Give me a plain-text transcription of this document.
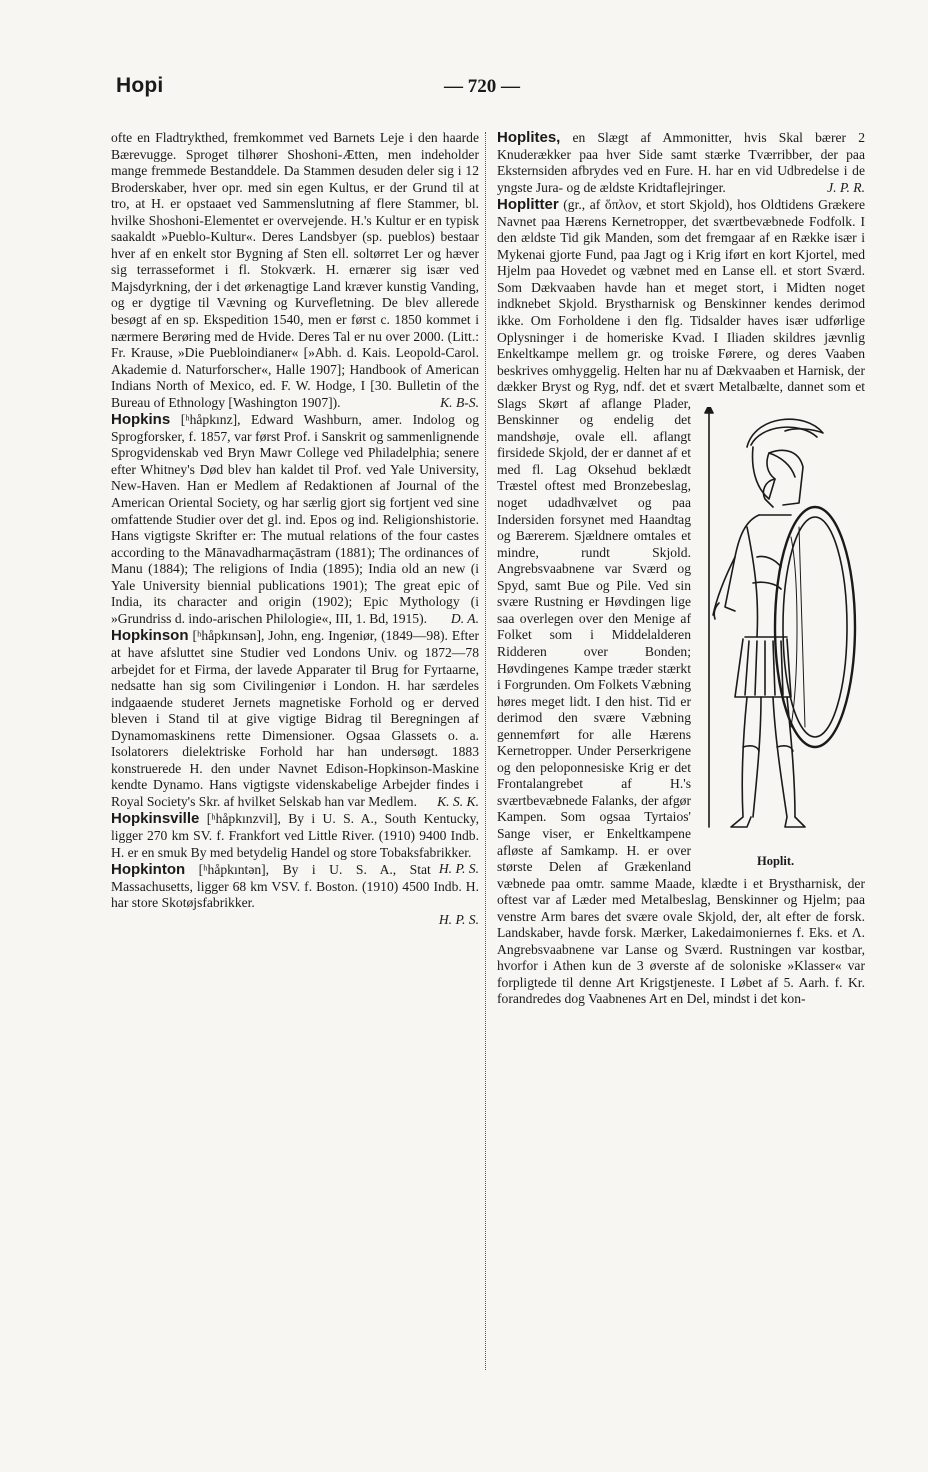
Hopi	— 720 —

ofte en Fladtrykthed, fremkommet ved Barnets Leje i den haarde Bærevugge. Sproget tilhører Shoshoni-Ætten, men indeholder mange fremmede Bestanddele. Da Stammen desuden deler sig i 12 Broderskaber, hver opr. med sin egen Kultus, er der Grund til at tro, at H. er opstaaet ved Sammenslutning af flere Stammer, bl. hvilke Shoshoni-Elementet er overvejende. H.'s Kultur er en typisk saakaldt »Pueblo-Kultur«. Deres Landsbyer (sp. pueblos) bestaar hver af en enkelt stor Bygning af Sten ell. soltørret Ler og hæver sig terrasseformet i fl. Stokværk. H. ernærer sig især ved Majsdyrkning, der i det ørkenagtige Land kræver kunstig Vanding, og er dygtige til Vævning og Kurvefletning. De blev allerede besøgt af en sp. Ekspedition 1540, men er først c. 1850 kommet i nærmere Berøring med de Hvide. Deres Tal er nu over 2000. (Litt.: Fr. Krause, »Die Puebloindianer« [»Abh. d. Kais. Leopold-Carol. Akademie d. Naturforscher«, Halle 1907]; Handbook of American Indians North of Mexico, ed. F. W. Hodge, I [30. Bulletin of the Bureau of Ethnology [Washington 1907]).	K. B-S.

Hopkins [ʰhåpkınz], Edward Washburn, amer. Indolog og Sprogforsker, f. 1857, var først Prof. i Sanskrit og sammenlignende Sprogvidenskab ved Bryn Mawr College ved Philadelphia; senere efter Whitney's Død blev han kaldet til Prof. ved Yale University, New-Haven. Han er Medlem af Redaktionen af Journal of the American Oriental Society, og har særlig gjort sig fortjent ved sine omfattende Studier over det gl. ind. Epos og ind. Religionshistorie. Hans vigtigste Skrifter er: The mutual relations of the four castes according to the Mānavadharmaçāstram (1881); The ordinances of Manu (1884); The religions of India (1895); India old an new (i Yale University biennial publications 1901); The great epic of India, its character and origin (1902); Epic Mythology (i »Grundriss d. indo-arischen Philologie«, III, 1. Bd, 1915).	D. A.

Hopkinson [ʰhåpkınsən], John, eng. Ingeniør, (1849—98). Efter at have afsluttet sine Studier ved Londons Univ. og 1872—78 arbejdet for et Firma, der lavede Apparater til Brug for Fyrtaarne, nedsatte han sig som Civilingeniør i London. H. har særdeles indgaaende studeret Jernets magnetiske Forhold og er derved bleven i Stand til at give vigtige Bidrag til Beregningen af Dynamomaskinens rette Dimensioner. Ogsaa Glassets o. a. Isolatorers dielektriske Forhold har han undersøgt. 1883 konstruerede H. den under Navnet Edison-Hopkinson-Maskine kendte Dynamo. Hans vigtigste videnskabelige Arbejder findes i Royal Society's Skr. af hvilket Selskab han var Medlem.	K. S. K.

Hopkinsville [ʰhåpkınzvil], By i U. S. A., South Kentucky, ligger 270 km SV. f. Frankfort ved Little River. (1910) 9400 Indb. H. er en smuk By med betydelig Handel og store Tobaksfabrikker.
H. P. S.

Hopkinton [ʰhåpkıntən], By i U. S. A., Stat Massachusetts, ligger 68 km VSV. f. Boston. (1910) 4500 Indb. H. har store Skotøjsfabrikker.
H. P. S.

Hoplites, en Slægt af Ammonitter, hvis Skal bærer 2 Knuderækker paa hver Side samt stærke Tværribber, der paa Eksternsiden afbrydes ved en Fure. H. har en vid Udbredelse i de yngste Jura- og de ældste Kridtaflejringer.	J. P. R.

Hoplit.
Hoplitter (gr., af ὅπλον, et stort Skjold), hos Oldtidens Grækere Navnet paa Hærens Kernetropper, det sværtbevæbnede Fodfolk. I den ældste Tid gik Manden, som det fremgaar af en Række især i Mykenai gjorte Fund, paa Jagt og i Krig iført en kort Kjortel, med Hjelm paa Hovedet og væbnet med en Lanse ell. et stort Sværd. Som Dækvaaben havde han et meget stort, i Midten noget indknebet Skjold. Brystharnisk og Benskinner kendes derimod ikke. Om Forholdene i den flg. Tidsalder haves især udførlige Oplysninger i de homeriske Kvad. I Iliaden skildres jævnlig Enkeltkampe mellem gr. og troiske Førere, og deres Vaaben beskrives omhyggelig. Helten har nu af Dækvaaben et Harnisk, der dækker Bryst og Ryg, ndf. det et svært Metalbælte, dannet som et Slags Skørt af aflange Plader, Benskinner og endelig det mandshøje, ovale ell. aflangt firsidede Skjold, der er dannet af et med fl. Lag Oksehud beklædt Træstel oftest med Bronzebeslag, noget udadhvælvet og paa Indersiden forsynet med Haandtag og Bærerem. Sjældnere omtales et mindre, rundt Skjold. Angrebsvaabnene var Sværd og Spyd, samt Bue og Pile. Ved sin svære Rustning er Høvdingen lige saa overlegen over den Menige af Folket som i Middelalderen Ridderen over Bonden; Høvdingenes Kampe træder stærkt i Forgrunden. Om Folkets Væbning høres meget lidt. I den hist. Tid er derimod den svære Væbning gennemført for alle Hærens Kernetropper. Under Perserkrigene og den peloponnesiske Krig er det Frontalangrebet af H.'s sværtbevæbnede Falanks, der afgør Kampen. Som ogsaa Tyrtaios' Sange viser, er Enkeltkampene afløste af Samkamp. H. er over største Delen af Grækenland væbnede paa omtr. samme Maade, klædte i et Brystharnisk, der oftest var af Læder med Metalbeslag, Benskinner og Hjelm; paa venstre Arm bares det svære ovale Skjold, der, alt efter de forsk. Landskaber, havde forsk. Mærker, Lakedaimoniernes f. Eks. et Λ. Angrebsvaabnene var Lanse og Sværd. Rustningen var kostbar, hvorfor i Athen kun de 3 øverste af de soloniske »Klasser« var forpligtede til denne Art Krigstjeneste. I Løbet af 5. Aarh. f. Kr. forandredes dog Vaabnenes Art en Del, mindst i det kon-
